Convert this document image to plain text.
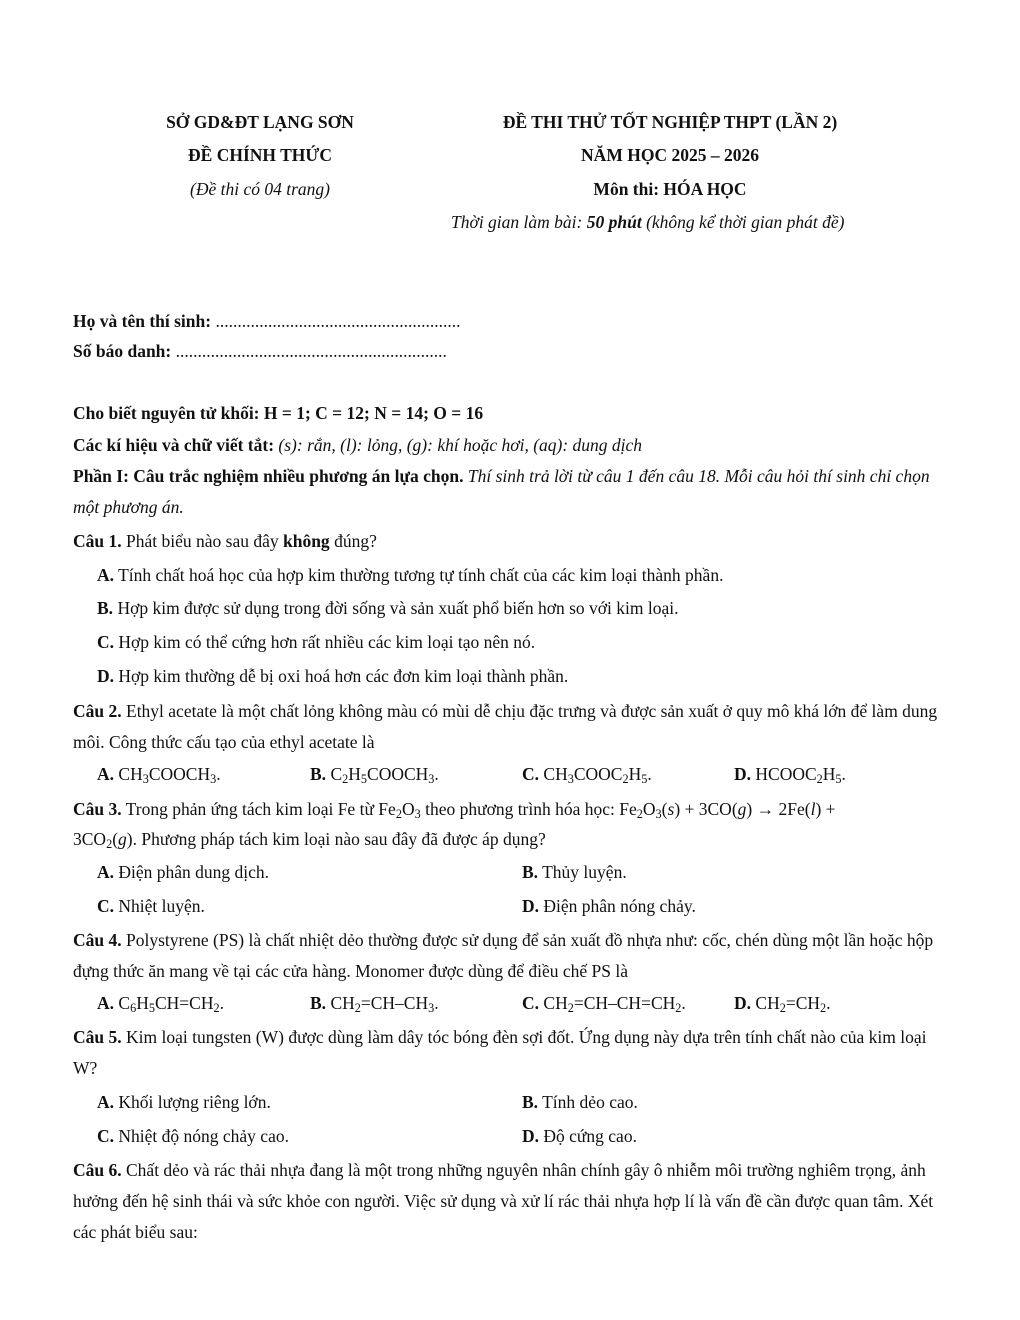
SỞ GD&ĐT LẠNG SƠN
ĐỀ CHÍNH THỨC
(Đề thi có 04 trang)
ĐỀ THI THỬ TỐT NGHIỆP THPT (LẦN 2)
NĂM HỌC 2025 – 2026
Môn thi: HÓA HỌC
Thời gian làm bài: 50 phút (không kể thời gian phát đề)
Họ và tên thí sinh: ........................................................
Số báo danh: ..............................................................
Cho biết nguyên tử khối: H = 1; C = 12; N = 14; O = 16
Các kí hiệu và chữ viết tắt: (s): rắn, (l): lỏng, (g): khí hoặc hơi, (aq): dung dịch
Phần I: Câu trắc nghiệm nhiều phương án lựa chọn. Thí sinh trả lời từ câu 1 đến câu 18. Mỗi câu hỏi thí sinh chỉ chọn một phương án.
Câu 1. Phát biểu nào sau đây không đúng?
A. Tính chất hoá học của hợp kim thường tương tự tính chất của các kim loại thành phần.
B. Hợp kim được sử dụng trong đời sống và sản xuất phổ biến hơn so với kim loại.
C. Hợp kim có thể cứng hơn rất nhiều các kim loại tạo nên nó.
D. Hợp kim thường dễ bị oxi hoá hơn các đơn kim loại thành phần.
Câu 2. Ethyl acetate là một chất lỏng không màu có mùi dễ chịu đặc trưng và được sản xuất ở quy mô khá lớn để làm dung môi. Công thức cấu tạo của ethyl acetate là
A. $CH_3COOCH_3$.	B. $C_2H_5COOCH_3$.	C. $CH_3COOC_2H_5$.	D. $HCOOC_2H_5$.
Câu 3. Trong phản ứng tách kim loại Fe từ $Fe_2O_3$ theo phương trình hóa học: $Fe_2O_3(s) + 3CO(g) \to 2Fe(l)$ +
$3CO_2(g)$. Phương pháp tách kim loại nào sau đây đã được áp dụng?
A. Điện phân dung dịch.	B. Thủy luyện.
C. Nhiệt luyện.	D. Điện phân nóng chảy.
Câu 4. Polystyrene (PS) là chất nhiệt dẻo thường được sử dụng để sản xuất đồ nhựa như: cốc, chén dùng một lần hoặc hộp đựng thức ăn mang về tại các cửa hàng. Monomer được dùng để điều chế PS là
A. $C_6H_5CH=CH_2$.	B. $CH_2=CH-CH_3$.	C. $CH_2=CH-CH=CH_2$.	D. $CH_2=CH_2$.
Câu 5. Kim loại tungsten (W) được dùng làm dây tóc bóng đèn sợi đốt. Ứng dụng này dựa trên tính chất nào của kim loại W?
A. Khối lượng riêng lớn.	B. Tính dẻo cao.
C. Nhiệt độ nóng chảy cao.	D. Độ cứng cao.
Câu 6. Chất dẻo và rác thải nhựa đang là một trong những nguyên nhân chính gây ô nhiễm môi trường nghiêm trọng, ảnh hưởng đến hệ sinh thái và sức khỏe con người. Việc sử dụng và xử lí rác thải nhựa hợp lí là vấn đề cần được quan tâm. Xét các phát biểu sau:
